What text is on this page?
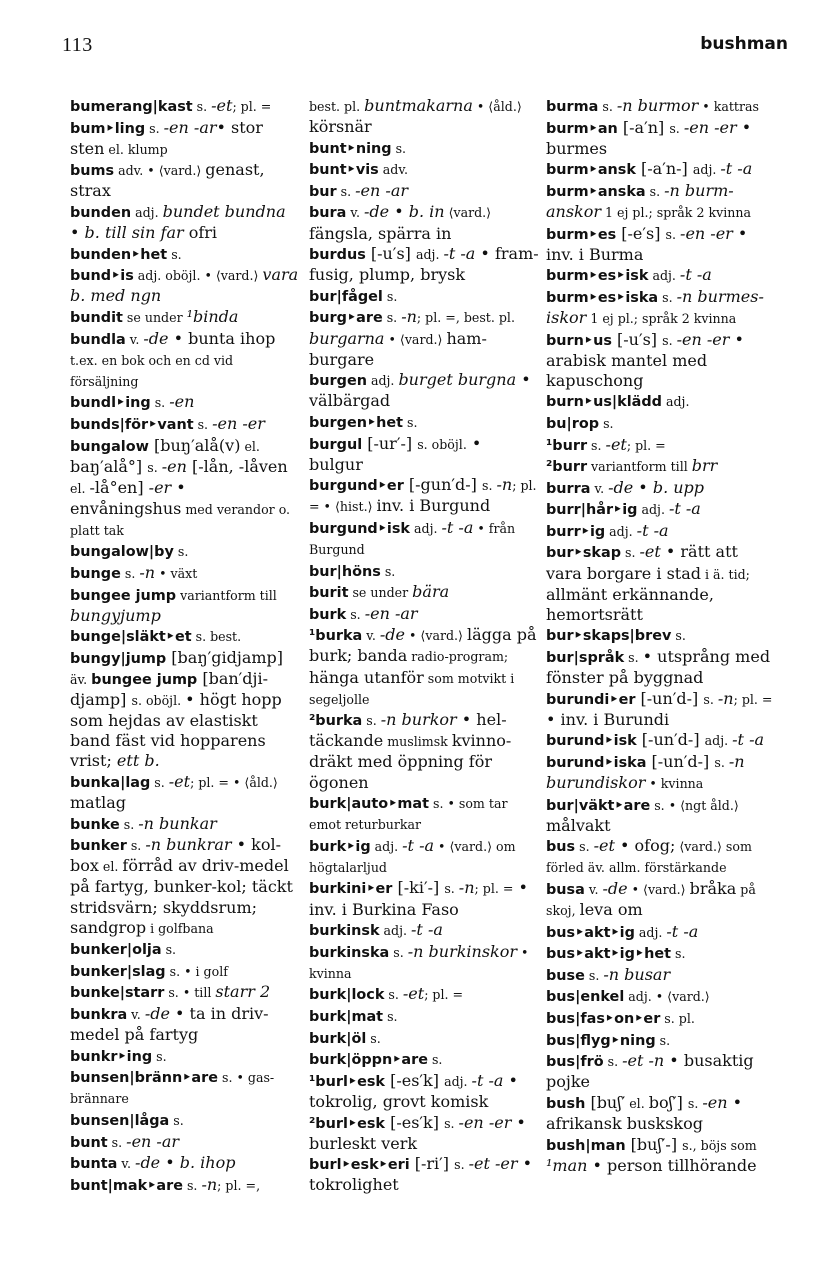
113	bushman

bumerang|kast s. -et; pl. =

bum‣ling s. -en -ar• stor sten el. klump

bums adv. • ⟨vard.⟩ genast, strax

bunden adj. bundet bundna • b. till sin far ofri

bunden‣het s.

bund‣is adj. oböjl. • ⟨vard.⟩ vara b. med ngn

bundit se under ¹binda

bundla v. -de • bunta ihop t.ex. en bok och en cd vid försäljning

bundl‣ing s. -en

bunds|för‣vant s. -en -er

bungalow [buŋ′alå(v) el. baŋ′alå°] s. -en [-lån, -låven el. -lå°en] -er • envåningshus med verandor o. platt tak

bungalow|by s.

bunge s. -n • växt

bungee jump variantform till bungyjump

bunge|släkt‣et s. best.

bungy|jump [baŋ′gidjamp] äv. bungee jump [ban′dji-djamp] s. oböjl. • högt hopp som hejdas av elastiskt band fäst vid hopparens vrist; ett b.

bunka|lag s. -et; pl. = • ⟨åld.⟩ matlag

bunke s. -n bunkar

bunker s. -n bunkrar • kol-box el. förråd av driv-medel på fartyg, bunker-kol; täckt stridsvärn; skyddsrum; sandgrop i golfbana

bunker|olja s.

bunker|slag s. • i golf

bunke|starr s. • till starr 2

bunkra v. -de • ta in driv-medel på fartyg

bunkr‣ing s.

bunsen|bränn‣are s. • gas-brännare

bunsen|låga s.

bunt s. -en -ar

bunta v. -de • b. ihop

bunt|mak‣are s. -n; pl. =,

best. pl. buntmakarna • ⟨åld.⟩ körsnär

bunt‣ning s.

bunt‣vis adv.

bur s. -en -ar

bura v. -de • b. in ⟨vard.⟩ fängsla, spärra in

burdus [-u′s] adj. -t -a • fram-fusig, plump, brysk

bur|fågel s.

burg‣are s. -n; pl. =, best. pl. burgarna • ⟨vard.⟩ ham-burgare

burgen adj. burget burgna • välbärgad

burgen‣het s.

burgul [-ur′-] s. oböjl. • bulgur

burgund‣er [-gun′d-] s. -n; pl. = • ⟨hist.⟩ inv. i Burgund

burgund‣isk adj. -t -a • från Burgund

bur|höns s.

burit se under bära

burk s. -en -ar

¹burka v. -de • ⟨vard.⟩ lägga på burk; banda radio-program; hänga utanför som motvikt i segeljolle

²burka s. -n burkor • hel-täckande muslimsk kvinno-dräkt med öppning för ögonen

burk|auto‣mat s. • som tar emot returburkar

burk‣ig adj. -t -a • ⟨vard.⟩ om högtalarljud

burkini‣er [-ki′-] s. -n; pl. = • inv. i Burkina Faso

burkinsk adj. -t -a

burkinska s. -n burkinskor • kvinna

burk|lock s. -et; pl. =

burk|mat s.

burk|öl s.

burk|öppn‣are s.

¹burl‣esk [-es′k] adj. -t -a • tokrolig, grovt komisk

²burl‣esk [-es′k] s. -en -er • burleskt verk

burl‣esk‣eri [-ri′] s. -et -er • tokrolighet

burma s. -n burmor • kattras

burm‣an [-a′n] s. -en -er • burmes

burm‣ansk [-a′n-] adj. -t -a

burm‣anska s. -n burm-anskor 1 ej pl.; språk 2 kvinna

burm‣es [-e′s] s. -en -er • inv. i Burma

burm‣es‣isk adj. -t -a

burm‣es‣iska s. -n burmes-iskor 1 ej pl.; språk 2 kvinna

burn‣us [-u′s] s. -en -er • arabisk mantel med kapuschong

burn‣us|klädd adj.

bu|rop s.

¹burr s. -et; pl. =

²burr variantform till brr

burra v. -de • b. upp

burr|hår‣ig adj. -t -a

burr‣ig adj. -t -a

bur‣skap s. -et • rätt att vara borgare i stad i ä. tid; allmänt erkännande, hemortsrätt

bur‣skaps|brev s.

bur|språk s. • utsprång med fönster på byggnad

burundi‣er [-un′d-] s. -n; pl. = • inv. i Burundi

burund‣isk [-un′d-] adj. -t -a

burund‣iska [-un′d-] s. -n burundiskor • kvinna

bur|väkt‣are s. • ⟨ngt åld.⟩ målvakt

bus s. -et • ofog; ⟨vard.⟩ som förled äv. allm. förstärkande

busa v. -de • ⟨vard.⟩ bråka på skoj, leva om

bus‣akt‣ig adj. -t -a

bus‣akt‣ig‣het s.

buse s. -n busar

bus|enkel adj. • ⟨vard.⟩

bus|fas‣on‣er s. pl.

bus|flyg‣ning s.

bus|frö s. -et -n • busaktig pojke

bush [buʃ′ el. boʃ′] s. -en • afrikansk buskskog

bush|man [buʃ′-] s., böjs som ¹man • person tillhörande
